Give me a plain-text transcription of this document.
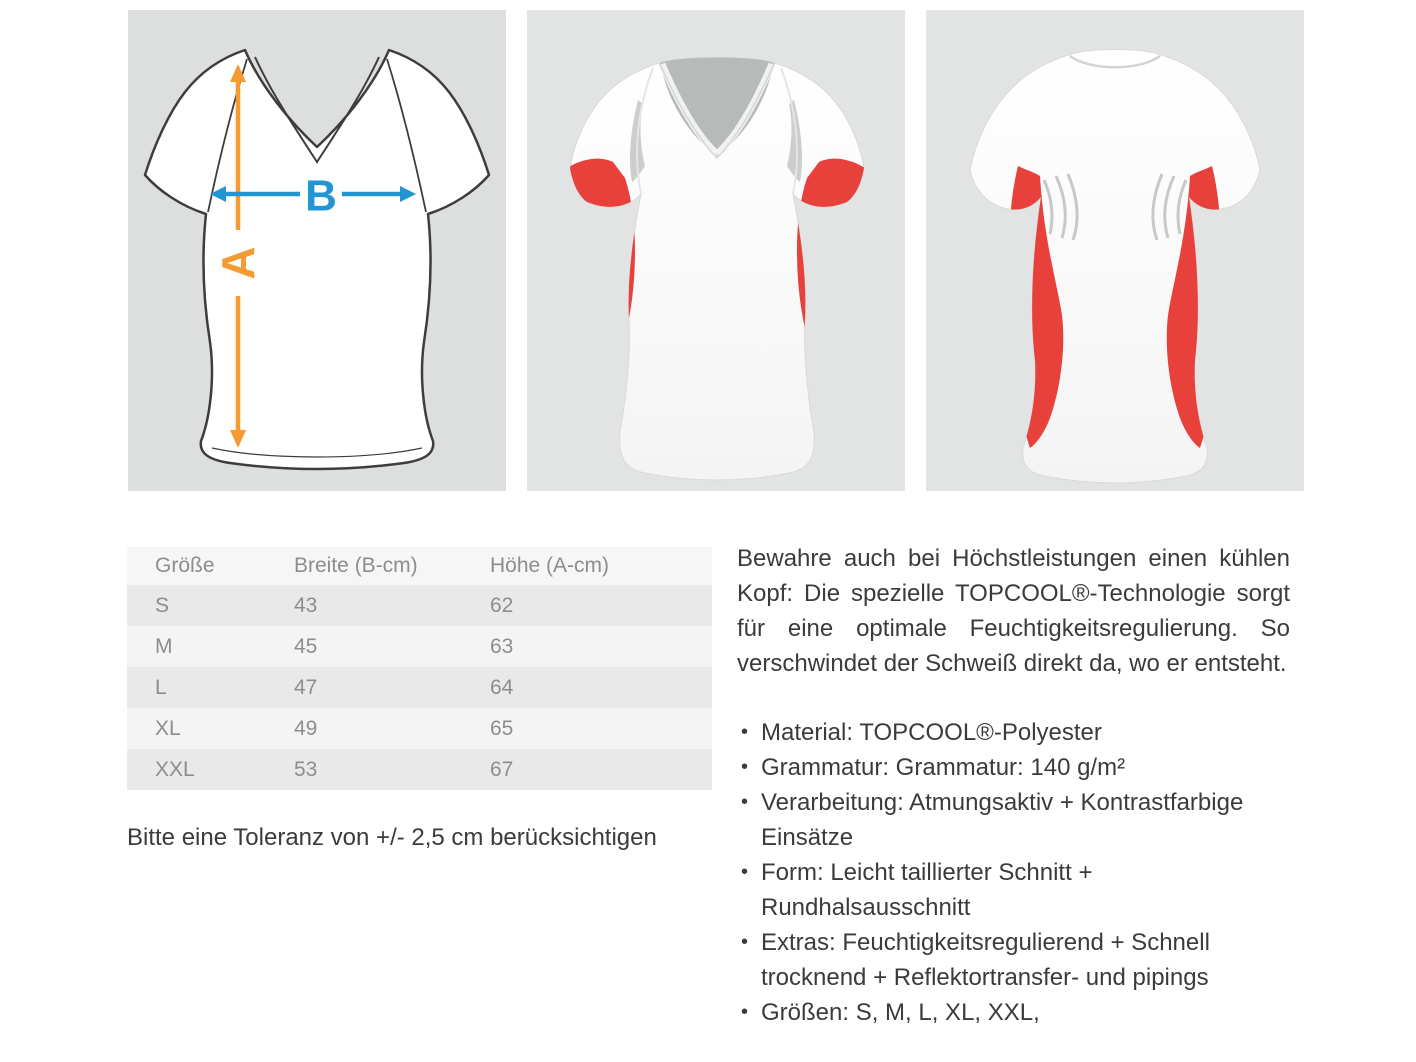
A
B
Größe	Breite (B-cm)	Höhe (A-cm)
S	43	62
M	45	63
L	47	64
XL	49	65
XXL	53	67
Bitte eine Toleranz von +/- 2,5 cm berücksichtigen

Bewahre auch bei Höchstleistungen einen kühlen Kopf: Die spezielle TOPCOOL®-Technologie sorgt für eine optimale Feuchtigkeitsregulierung. So verschwindet der Schweiß direkt da, wo er entsteht.

• Material: TOPCOOL®-Polyester
• Grammatur: Grammatur: 140 g/m²
• Verarbeitung: Atmungsaktiv + Kontrastfarbige Einsätze
• Form: Leicht taillierter Schnitt + Rundhalsausschnitt
• Extras: Feuchtigkeitsregulierend + Schnell trocknend + Reflektortransfer- und pipings
• Größen: S, M, L, XL, XXL,
